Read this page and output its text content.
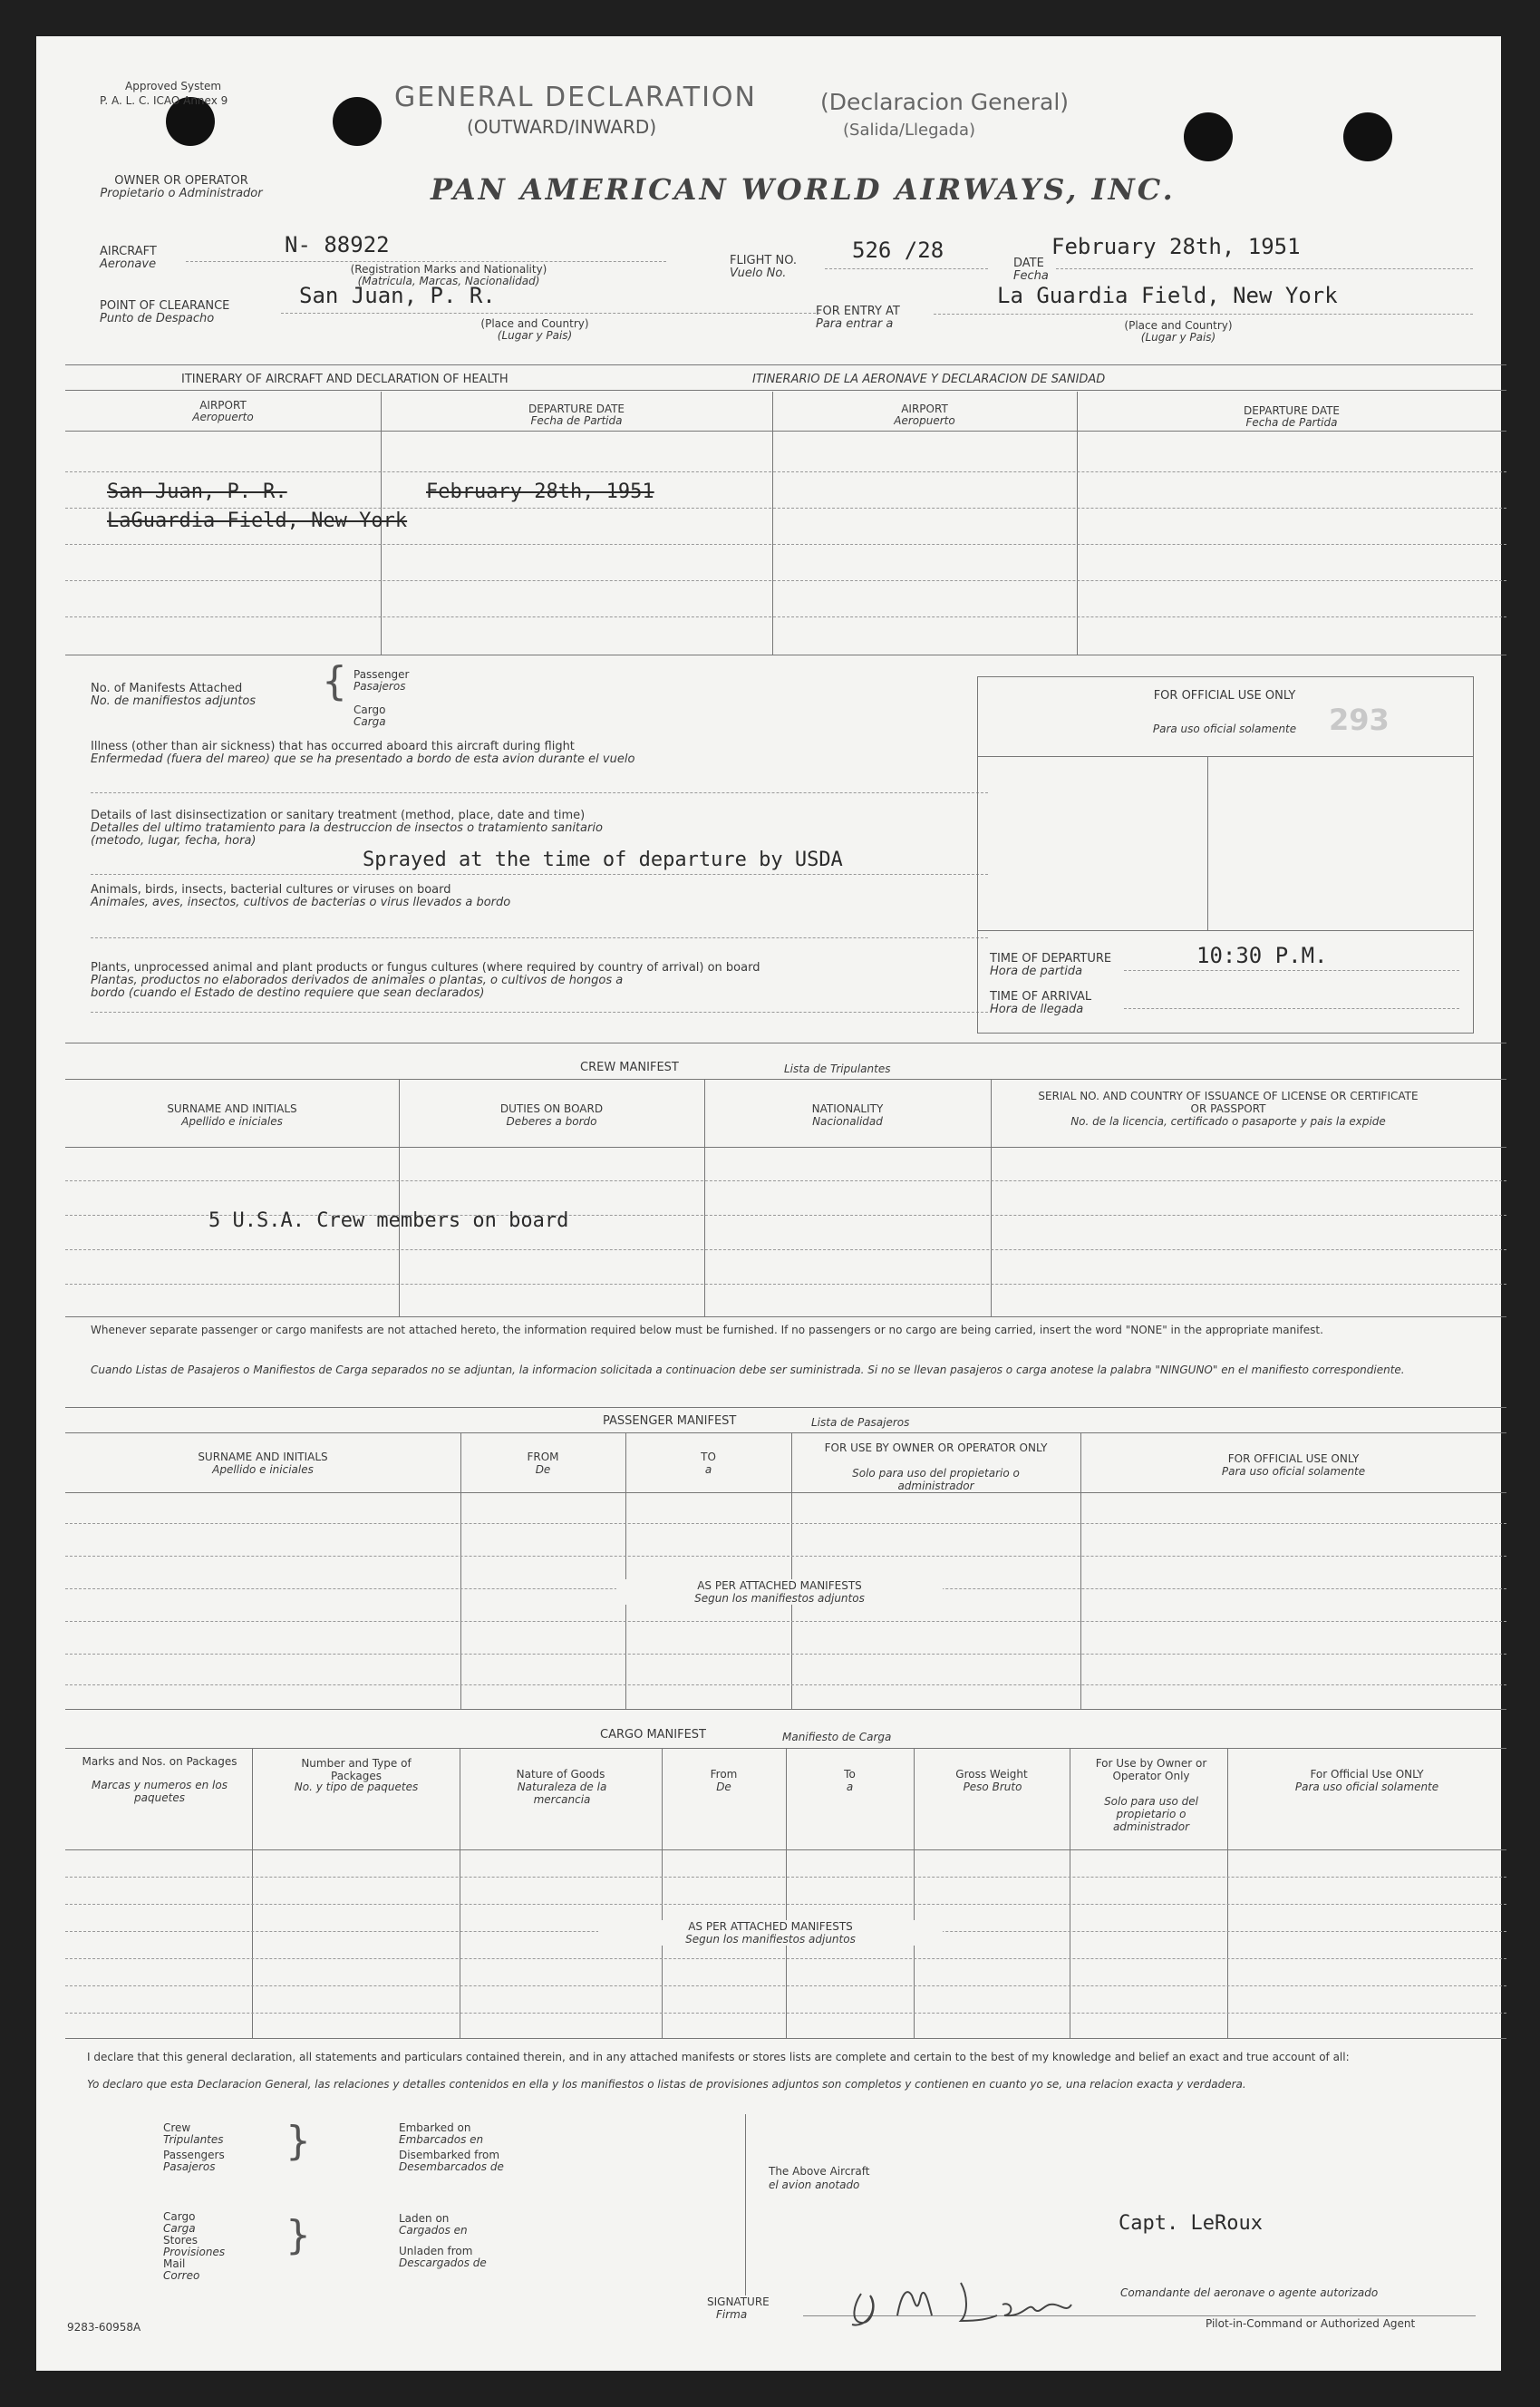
Approved System
P. A. L. C. ICAO Annex 9	GENERAL DECLARATION
(OUTWARD/INWARD)
(Declaracion General)
(Salida/Llegada)
OWNER OR OPERATOR
Propietario o Administrador	PAN AMERICAN WORLD AIRWAYS, INC.
AIRCRAFT
Aeronave
N- 88922
(Registration Marks and Nationality)
(Matricula, Marcas, Nacionalidad)
FLIGHT NO.
Vuelo No.
526 /28
DATE
Fecha
February 28th, 1951
POINT OF CLEARANCE
Punto de Despacho
San Juan, P. R.
(Place and Country)
(Lugar y Pais)
FOR ENTRY AT
Para entrar a
La Guardia Field, New York
(Place and Country)
(Lugar y Pais)
ITINERARY OF AIRCRAFT AND DECLARATION OF HEALTH	ITINERARIO DE LA AERONAVE Y DECLARACION DE SANIDAD
AIRPORT
Aeropuerto
DEPARTURE DATE
Fecha de Partida
AIRPORT
Aeropuerto
DEPARTURE DATE
Fecha de Partida
San Juan, P. R.	February 28th, 1951
LaGuardia Field, New York
No. of Manifests Attached
No. de manifiestos adjuntos { Passenger
Pasajeros
Cargo
Carga
Illness (other than air sickness) that has occurred aboard this aircraft during flight
Enfermedad (fuera del mareo) que se ha presentado a bordo de esta avion durante el vuelo
Details of last disinsectization or sanitary treatment (method, place, date and time)
Detalles del ultimo tratamiento para la destruccion de insectos o tratamiento sanitario
(metodo, lugar, fecha, hora)
Sprayed at the time of departure by USDA
Animals, birds, insects, bacterial cultures or viruses on board
Animales, aves, insectos, cultivos de bacterias o virus llevados a bordo
Plants, unprocessed animal and plant products or fungus cultures (where required by country of arrival) on board
Plantas, productos no elaborados derivados de animales o plantas, o cultivos de hongos a
bordo (cuando el Estado de destino requiere que sean declarados)
FOR OFFICIAL USE ONLY
Para uso oficial solamente	293
TIME OF DEPARTURE
Hora de partida
10:30 P.M.
TIME OF ARRIVAL
Hora de llegada
CREW MANIFEST	Lista de Tripulantes
SURNAME AND INITIALS
Apellido e iniciales
DUTIES ON BOARD
Deberes a bordo
NATIONALITY
Nacionalidad
SERIAL NO. AND COUNTRY OF ISSUANCE OF LICENSE OR CERTIFICATE OR PASSPORT
No. de la licencia, certificado o pasaporte y pais la expide
5 U.S.A. Crew members on board
Whenever separate passenger or cargo manifests are not attached hereto, the information required below must be furnished. If no passengers or no cargo are being carried, insert the word "NONE" in the appropriate manifest.
Cuando Listas de Pasajeros o Manifiestos de Carga separados no se adjuntan, la informacion solicitada a continuacion debe ser suministrada. Si no se llevan pasajeros o carga anotese la palabra "NINGUNO" en el manifiesto correspondiente.
PASSENGER MANIFEST	Lista de Pasajeros
SURNAME AND INITIALS
Apellido e iniciales
FROM
De
TO
a
FOR USE BY OWNER OR OPERATOR ONLY
Solo para uso del propietario o administrador
FOR OFFICIAL USE ONLY
Para uso oficial solamente
AS PER ATTACHED MANIFESTS
Segun los manifiestos adjuntos
CARGO MANIFEST	Manifiesto de Carga
Marks and Nos. on Packages
Marcas y numeros en los paquetes
Number and Type of Packages
No. y tipo de paquetes
Nature of Goods
Naturaleza de la mercancia
From
De
To
a
Gross Weight
Peso Bruto
For Use by Owner or Operator Only
Solo para uso del propietario o administrador
For Official Use ONLY
Para uso oficial solamente
AS PER ATTACHED MANIFESTS
Segun los manifiestos adjuntos
I declare that this general declaration, all statements and particulars contained therein, and in any attached manifests or stores lists are complete and certain to the best of my knowledge and belief an exact and true account of all:
Yo declaro que esta Declaracion General, las relaciones y detalles contenidos en ella y los manifiestos o listas de provisiones adjuntos son completos y contienen en cuanto yo se, una relacion exacta y verdadera.
Crew
Tripulantes
Passengers
Pasajeros
}	Embarked on
Embarcados en
Disembarked from
Desembarcados de
Cargo
Carga
Stores
Provisiones
Mail
Correo
}	Laden on
Cargados en
Unladen from
Descargados de
The Above Aircraft
el avion anotado
Capt. LeRoux
SIGNATURE
Firma
Comandante del aeronave o agente autorizado
Pilot-in-Command or Authorized Agent
9283-60958A
